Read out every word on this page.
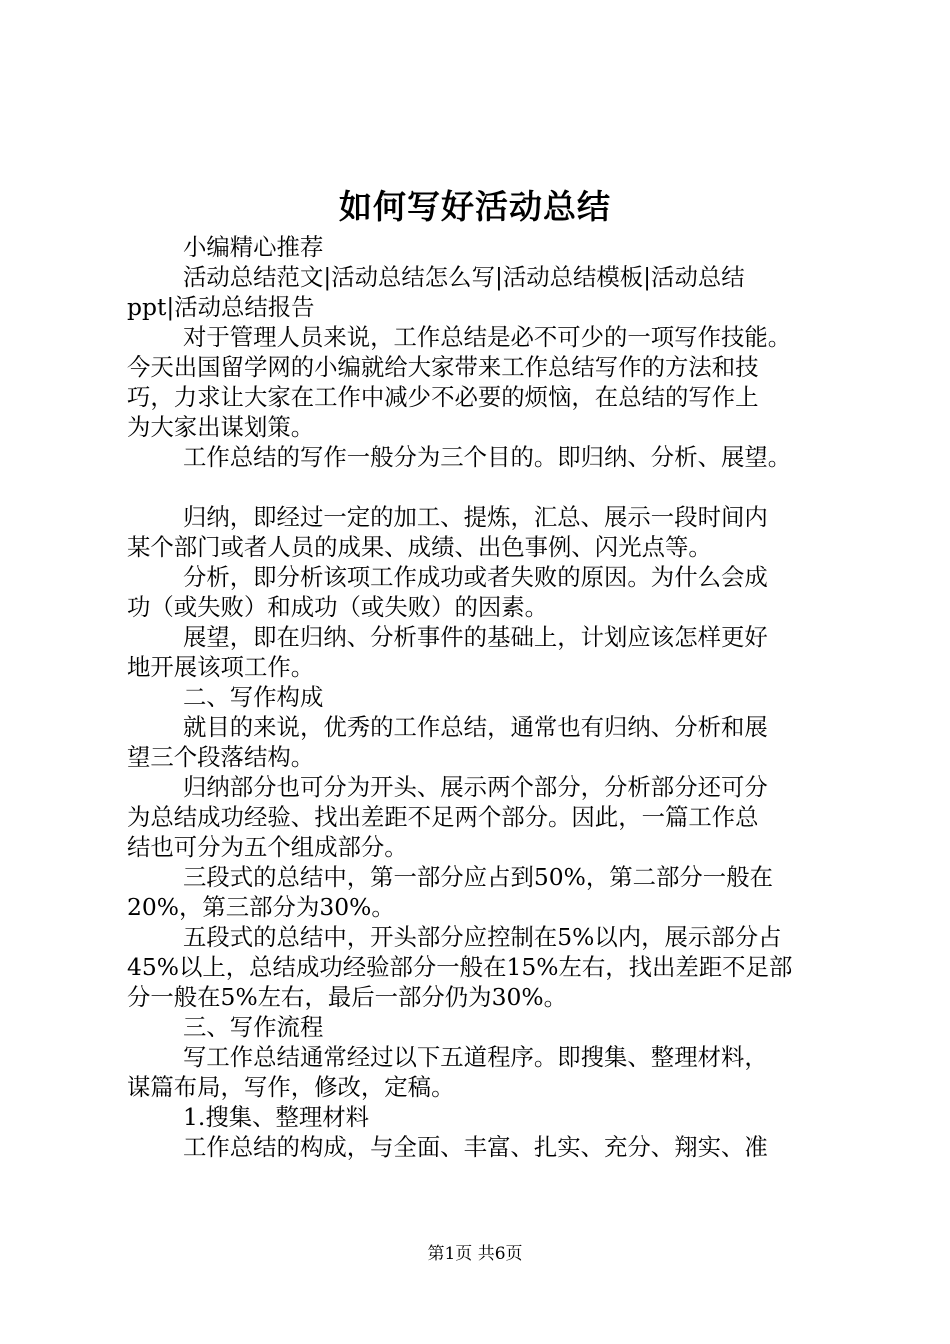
如何写好活动总结
小编精心推荐
活动总结范文|活动总结怎么写|活动总结模板|活动总结
ppt|活动总结报告
对于管理人员来说，工作总结是必不可少的一项写作技能。
今天出国留学网的小编就给大家带来工作总结写作的方法和技
巧，力求让大家在工作中减少不必要的烦恼，在总结的写作上
为大家出谋划策。
工作总结的写作一般分为三个目的。即归纳、分析、展望。
归纳，即经过一定的加工、提炼，汇总、展示一段时间内
某个部门或者人员的成果、成绩、出色事例、闪光点等。
分析，即分析该项工作成功或者失败的原因。为什么会成
功（或失败）和成功（或失败）的因素。
展望，即在归纳、分析事件的基础上，计划应该怎样更好
地开展该项工作。
二、写作构成
就目的来说，优秀的工作总结，通常也有归纳、分析和展
望三个段落结构。
归纳部分也可分为开头、展示两个部分，分析部分还可分
为总结成功经验、找出差距不足两个部分。因此，一篇工作总
结也可分为五个组成部分。
三段式的总结中，第一部分应占到50%，第二部分一般在
20%，第三部分为30%。
五段式的总结中，开头部分应控制在5%以内，展示部分占
45%以上，总结成功经验部分一般在15%左右，找出差距不足部
分一般在5%左右，最后一部分仍为30%。
三、写作流程
写工作总结通常经过以下五道程序。即搜集、整理材料，
谋篇布局，写作，修改，定稿。
1.搜集、整理材料
工作总结的构成，与全面、丰富、扎实、充分、翔实、准
第1页 共6页
